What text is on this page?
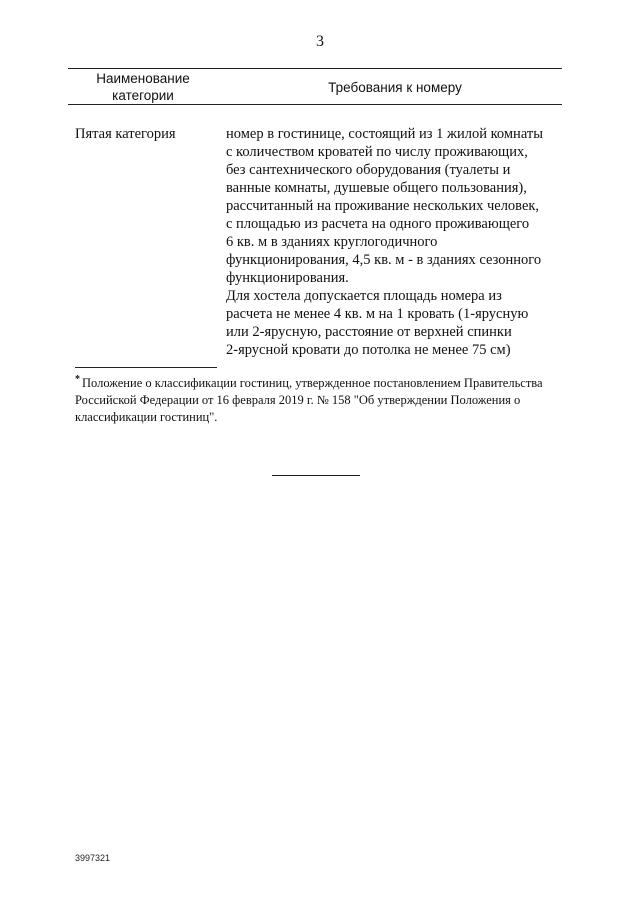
3
Наименование
категории
Требования к номеру
Пятая категория	номер в гостинице, состоящий из 1 жилой комнаты
с количеством кроватей по числу проживающих,
без сантехнического оборудования (туалеты и
ванные комнаты, душевые общего пользования),
рассчитанный на проживание нескольких человек,
с площадью из расчета на одного проживающего
6 кв. м в зданиях круглогодичного
функционирования, 4,5 кв. м - в зданиях сезонного
функционирования.
Для хостела допускается площадь номера из
расчета не менее 4 кв. м на 1 кровать (1-ярусную
или 2-ярусную, расстояние от верхней спинки
2-ярусной кровати до потолка не менее 75 см)
* Положение о классификации гостиниц, утвержденное постановлением Правительства
Российской Федерации от 16 февраля 2019 г. № 158 "Об утверждении Положения о
классификации гостиниц".
3997321
